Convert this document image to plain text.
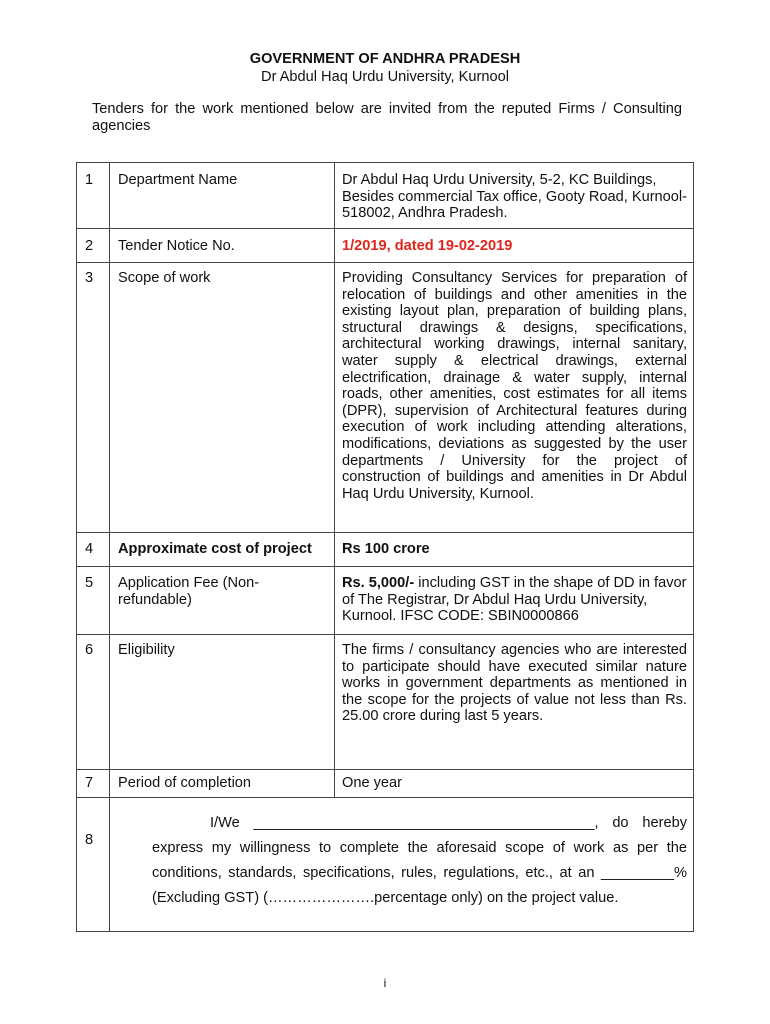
GOVERNMENT OF ANDHRA PRADESH
Dr Abdul Haq Urdu University, Kurnool
Tenders for the work mentioned below are invited from the reputed Firms / Consulting agencies
1	Department Name	Dr Abdul Haq Urdu University, 5-2, KC Buildings, Besides commercial Tax office, Gooty Road, Kurnool-518002, Andhra Pradesh.
2	Tender Notice No.	1/2019, dated 19-02-2019
3	Scope of work	Providing Consultancy Services for preparation of relocation of buildings and other amenities in the existing layout plan, preparation of building plans, structural drawings & designs, specifications, architectural working drawings, internal sanitary, water supply & electrical drawings, external electrification, drainage & water supply, internal roads, other amenities, cost estimates for all items (DPR), supervision of Architectural features during execution of work including attending alterations, modifications, deviations as suggested by the user departments / University for the project of construction of buildings and amenities in Dr Abdul Haq Urdu University, Kurnool.
4	Approximate cost of project	Rs 100 crore
5	Application Fee (Non-refundable)	Rs. 5,000/- including GST in the shape of DD in favor of The Registrar, Dr Abdul Haq Urdu University, Kurnool. IFSC CODE: SBIN0000866
6	Eligibility	The firms / consultancy agencies who are interested to participate should have executed similar nature works in government departments as mentioned in the scope for the projects of value not less than Rs. 25.00 crore during last 5 years.
7	Period of completion	One year
8	I/We __________________________________________, do hereby
express my willingness to complete the aforesaid scope of work as per the conditions, standards, specifications, rules, regulations, etc., at an _________% (Excluding GST) (………………….percentage only) on the project value.	
i
